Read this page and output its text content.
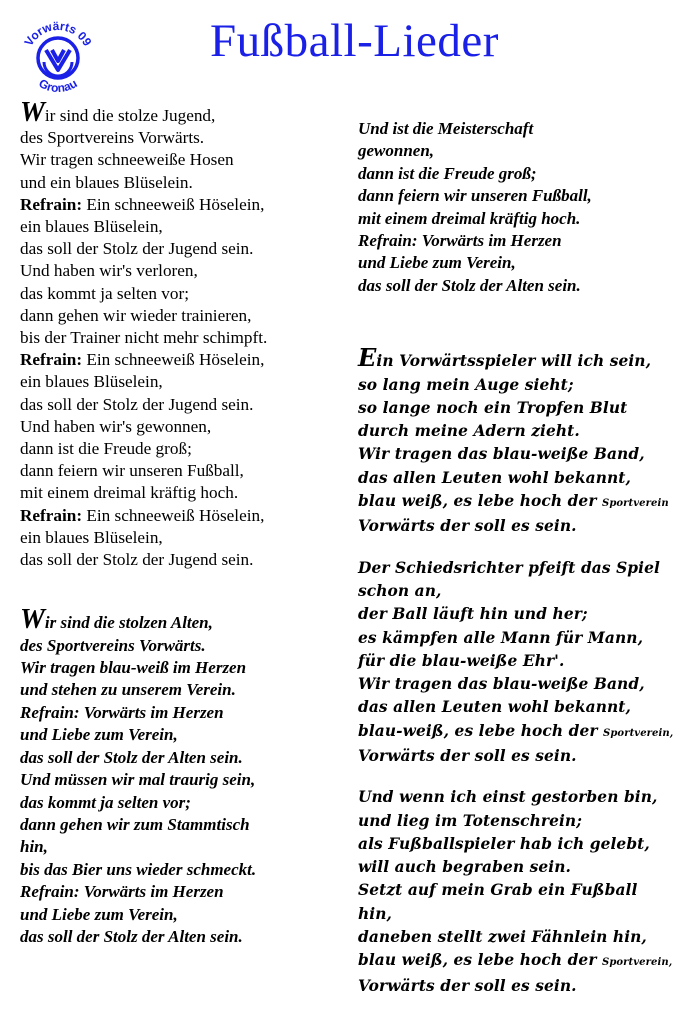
Vorwärts 09
Gronau
Fußball-Lieder

Wir sind die stolze Jugend,
des Sportvereins Vorwärts.
Wir tragen schneeweiße Hosen
und ein blaues Blüselein.
Refrain: Ein schneeweiß Höselein,
ein blaues Blüselein,
das soll der Stolz der Jugend sein.

Und haben wir's verloren,
das kommt ja selten vor;
dann gehen wir wieder trainieren,
bis der Trainer nicht mehr schimpft.
Refrain: Ein schneeweiß Höselein,
ein blaues Blüselein,
das soll der Stolz der Jugend sein.

Und haben wir's gewonnen,
dann ist die Freude groß;
dann feiern wir unseren Fußball,
mit einem dreimal kräftig hoch.
Refrain: Ein schneeweiß Höselein,
ein blaues Blüselein,
das soll der Stolz der Jugend sein.

Wir sind die stolzen Alten,
des Sportvereins Vorwärts.
Wir tragen blau-weiß im Herzen
und stehen zu unserem Verein.
Refrain: Vorwärts im Herzen
und Liebe zum Verein,
das soll der Stolz der Alten sein.

Und müssen wir mal traurig sein,
das kommt ja selten vor;
dann gehen wir zum Stammtisch
hin,
bis das Bier uns wieder schmeckt.
Refrain: Vorwärts im Herzen
und Liebe zum Verein,
das soll der Stolz der Alten sein.

Und ist die Meisterschaft
gewonnen,
dann ist die Freude groß;
dann feiern wir unseren Fußball,
mit einem dreimal kräftig hoch.
Refrain: Vorwärts im Herzen
und Liebe zum Verein,
das soll der Stolz der Alten sein.

Ein Vorwärtsspieler will ich sein,
so lang mein Auge sieht;
so lange noch ein Tropfen Blut
durch meine Adern zieht.
Wir tragen das blau-weiße Band,
das allen Leuten wohl bekannt,
blau weiß, es lebe hoch der Sportverein
Vorwärts der soll es sein.

Der Schiedsrichter pfeift das Spiel
schon an,
der Ball läuft hin und her;
es kämpfen alle Mann für Mann,
für die blau-weiße Ehr'.
Wir tragen das blau-weiße Band,
das allen Leuten wohl bekannt,
blau-weiß, es lebe hoch der Sportverein,
Vorwärts der soll es sein.

Und wenn ich einst gestorben bin,
und lieg im Totenschrein;
als Fußballspieler hab ich gelebt,
will auch begraben sein.
Setzt auf mein Grab ein Fußball
hin,
daneben stellt zwei Fähnlein hin,
blau weiß, es lebe hoch der Sportverein,
Vorwärts der soll es sein.
